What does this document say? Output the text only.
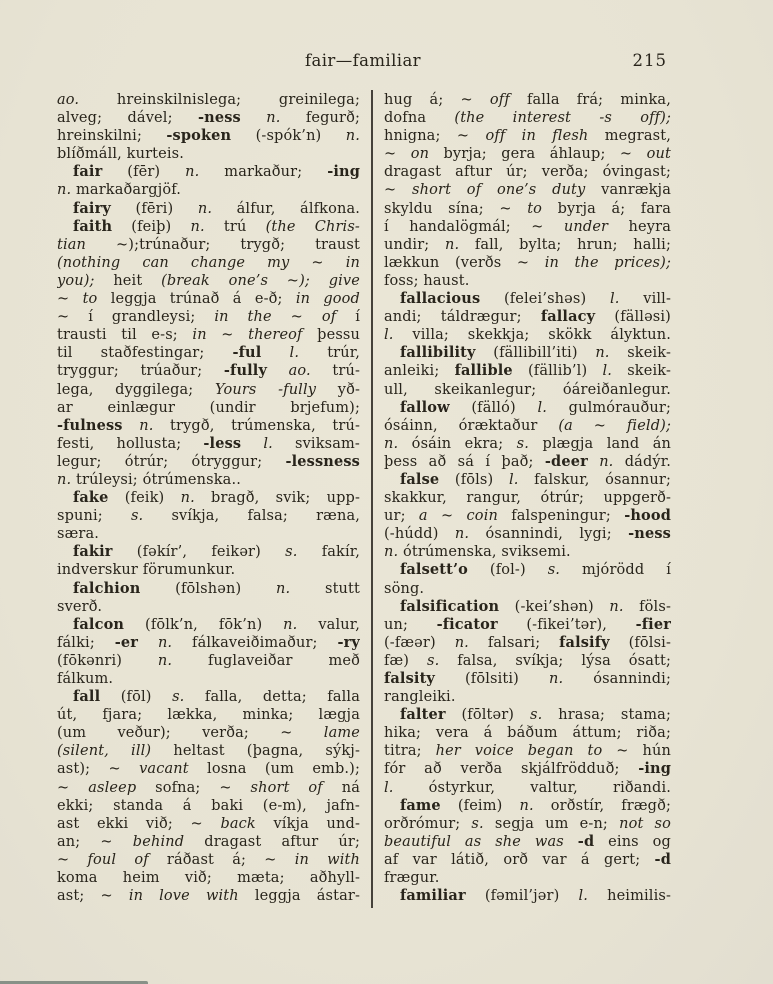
fair—familiar	215
ao. hreinskilnislega; greinilega;
alveg; dável; -ness n. fegurð;
hreinskilni; -spoken (-spók’n) n.
blíðmáll, kurteis.
fair (fēr) n. markaður; -ing
n. markaðargjöf.
fairy (fēri) n. álfur, álfkona.
faith (feiþ) n. trú (the Chris-
tian ~);trúnaður; trygð; traust
(nothing can change my ~ in
you); heit (break one’s ~); give
~ to leggja trúnað á e-ð; in good
~ í grandleysi; in the ~ of í
trausti til e-s; in ~ thereof þessu
til staðfestingar; -ful l. trúr,
tryggur; trúaður; -fully ao. trú-
lega, dyggilega; Yours -fully yð-
ar einlægur (undir brjefum);
-fulness n. trygð, trúmenska, trú-
festi, hollusta; -less l. sviksam-
legur; ótrúr; ótryggur; -lessness
n. trúleysi; ótrúmenska..
fake (feik) n. bragð, svik; upp-
spuni; s. svíkja, falsa; ræna,
særa.
fakir (fəkír’, feikər) s. fakír,
indverskur förumunkur.
falchion (fōlshən) n. stutt
sverð.
falcon (fōlk’n, fōk’n) n. valur,
fálki; -er n. fálkaveiðimaður; -ry
(fōkənri) n. fuglaveiðar með
fálkum.
fall (fōl) s. falla, detta; falla
út, fjara; lækka, minka; lægja
(um veður); verða; ~ lame
(silent, ill) heltast (þagna, sýkj-
ast); ~ vacant losna (um emb.);
~ asleep sofna; ~ short of ná
ekki; standa á baki (e-m), jafn-
ast ekki við; ~ back víkja und-
an; ~ behind dragast aftur úr;
~ foul of ráðast á; ~ in with
koma heim við; mæta; aðhyll-
ast; ~ in love with leggja ástar-
hug á; ~ off falla frá; minka,
dofna (the interest -s off);
hnigna; ~ off in flesh megrast,
~ on byrja; gera áhlaup; ~ out
dragast aftur úr; verða; óvingast;
~ short of one’s duty vanrækja
skyldu sína; ~ to byrja á; fara
í handalögmál; ~ under heyra
undir; n. fall, bylta; hrun; halli;
lækkun (verðs ~ in the prices);
foss; haust.
fallacious (felei’shəs) l. vill-
andi; táldrægur; fallacy (fälləsi)
l. villa; skekkja; skökk ályktun.
fallibility (fällibill’iti) n. skeik-
anleiki; fallible (fällib’l) l. skeik-
ull, skeikanlegur; óáreiðanlegur.
fallow (fälló) l. gulmórauður;
ósáinn, óræktaður (a ~ field);
n. ósáin ekra; s. plægja land án
þess að sá í það; -deer n. dádýr.
false (fōls) l. falskur, ósannur;
skakkur, rangur, ótrúr; uppgerð-
ur; a ~ coin falspeningur; -hood
(-húdd) n. ósannindi, lygi; -ness
n. ótrúmenska, sviksemi.
falsett’o (fol-) s. mjórödd í
söng.
falsification (-kei’shən) n. föls-
un; -ficator (-fikei’tər), -fier
(-fæər) n. falsari; falsify (fōlsi-
fæ) s. falsa, svíkja; lýsa ósatt;
falsity (fōlsiti) n. ósannindi;
rangleiki.
falter (fōltər) s. hrasa; stama;
hika; vera á báðum áttum; riða;
titra; her voice began to ~ hún
fór að verða skjálfrödduð; -ing
l. óstyrkur, valtur, riðandi.
fame (feim) n. orðstír, frægð;
orðrómur; s. segja um e-n; not so
beautiful as she was -d eins og
af var látið, orð var á gert; -d
frægur.
familiar (fəmil’jər) l. heimilis-
